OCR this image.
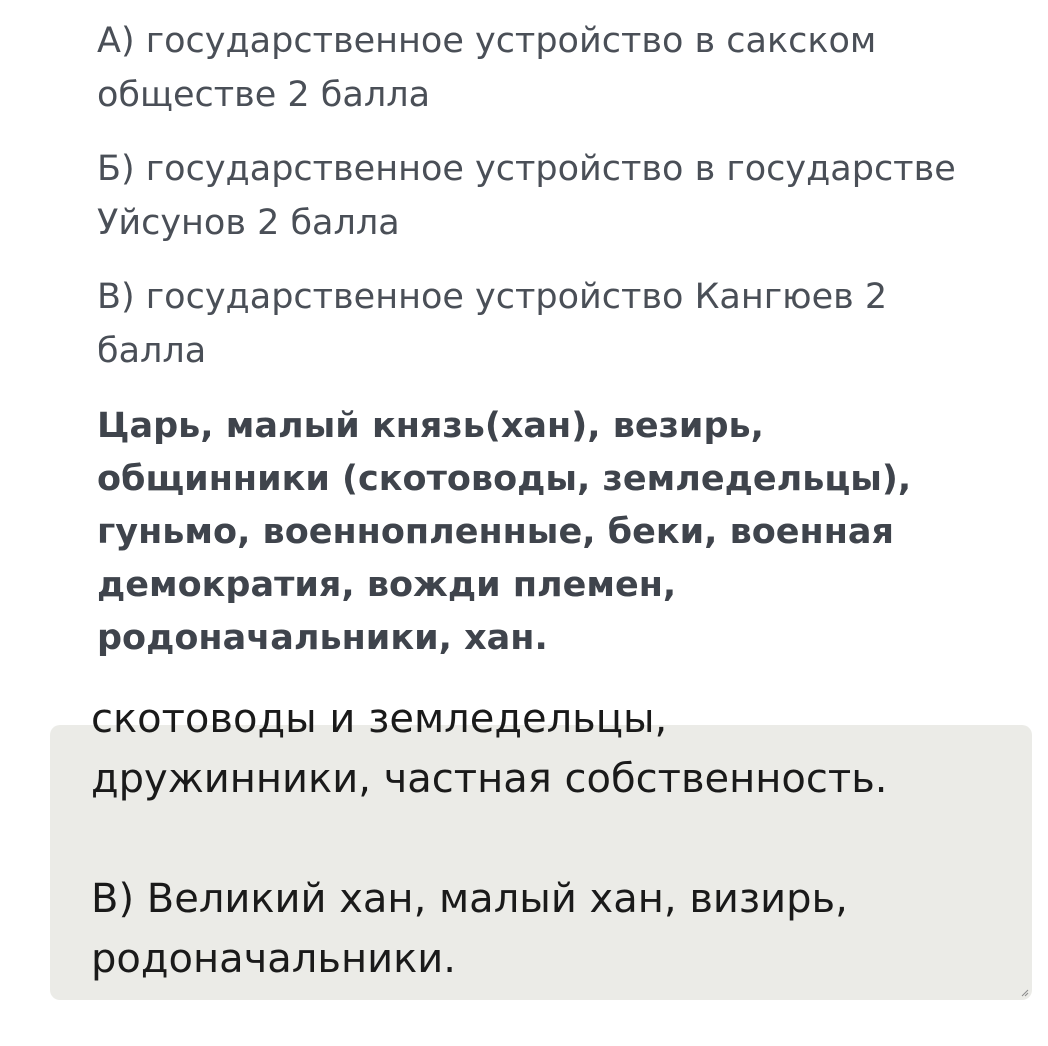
А) государственное устройство в сакском обществе 2 балла

Б) государственное устройство в государстве Уйсунов 2 балла

В) государственное устройство Кангюев 2 балла

Царь, малый князь(хан), везирь, общинники (скотоводы, земледельцы), гуньмо, военнопленные, беки, военная демократия, вожди племен, родоначальники, хан.

скотоводы и земледельцы,

дружинники, частная собственность.

В) Великий хан, малый хан, визирь, родоначальники.
